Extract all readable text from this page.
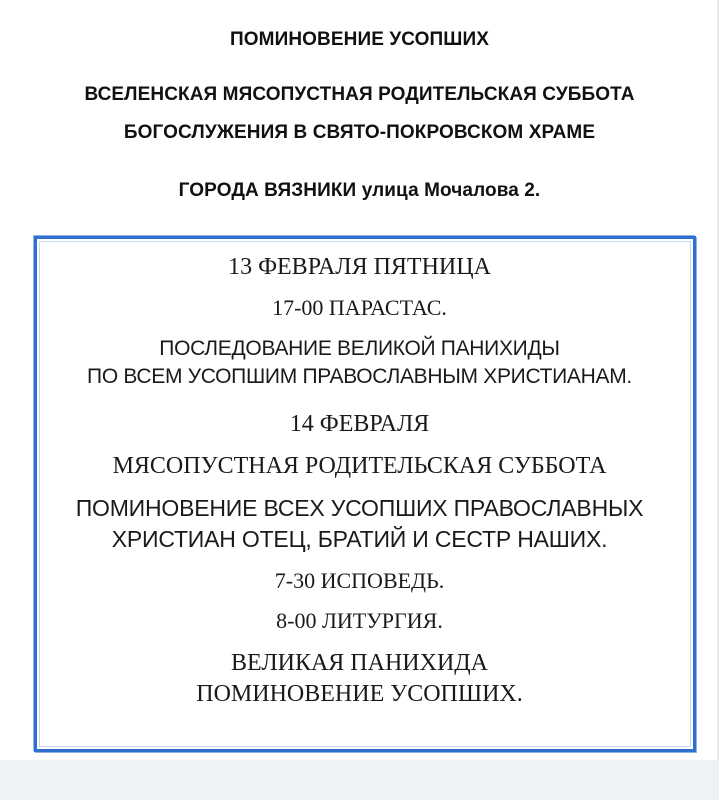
ПОМИНОВЕНИЕ УСОПШИХ
ВСЕЛЕНСКАЯ МЯСОПУСТНАЯ РОДИТЕЛЬСКАЯ СУББОТА
БОГОСЛУЖЕНИЯ В СВЯТО-ПОКРОВСКОМ ХРАМЕ
ГОРОДА ВЯЗНИКИ улица Мочалова 2.
13 ФЕВРАЛЯ ПЯТНИЦА
17-00 ПАРАСТАС.
ПОСЛЕДОВАНИЕ ВЕЛИКОЙ ПАНИХИДЫ
ПО ВСЕМ УСОПШИМ ПРАВОСЛАВНЫМ ХРИСТИАНАМ.
14 ФЕВРАЛЯ
МЯСОПУСТНАЯ РОДИТЕЛЬСКАЯ СУББОТА
ПОМИНОВЕНИЕ ВСЕХ УСОПШИХ ПРАВОСЛАВНЫХ
ХРИСТИАН ОТЕЦ, БРАТИЙ И СЕСТР НАШИХ.
7-30 ИСПОВЕДЬ.
8-00 ЛИТУРГИЯ.
ВЕЛИКАЯ ПАНИХИДА
ПОМИНОВЕНИЕ УСОПШИХ.
